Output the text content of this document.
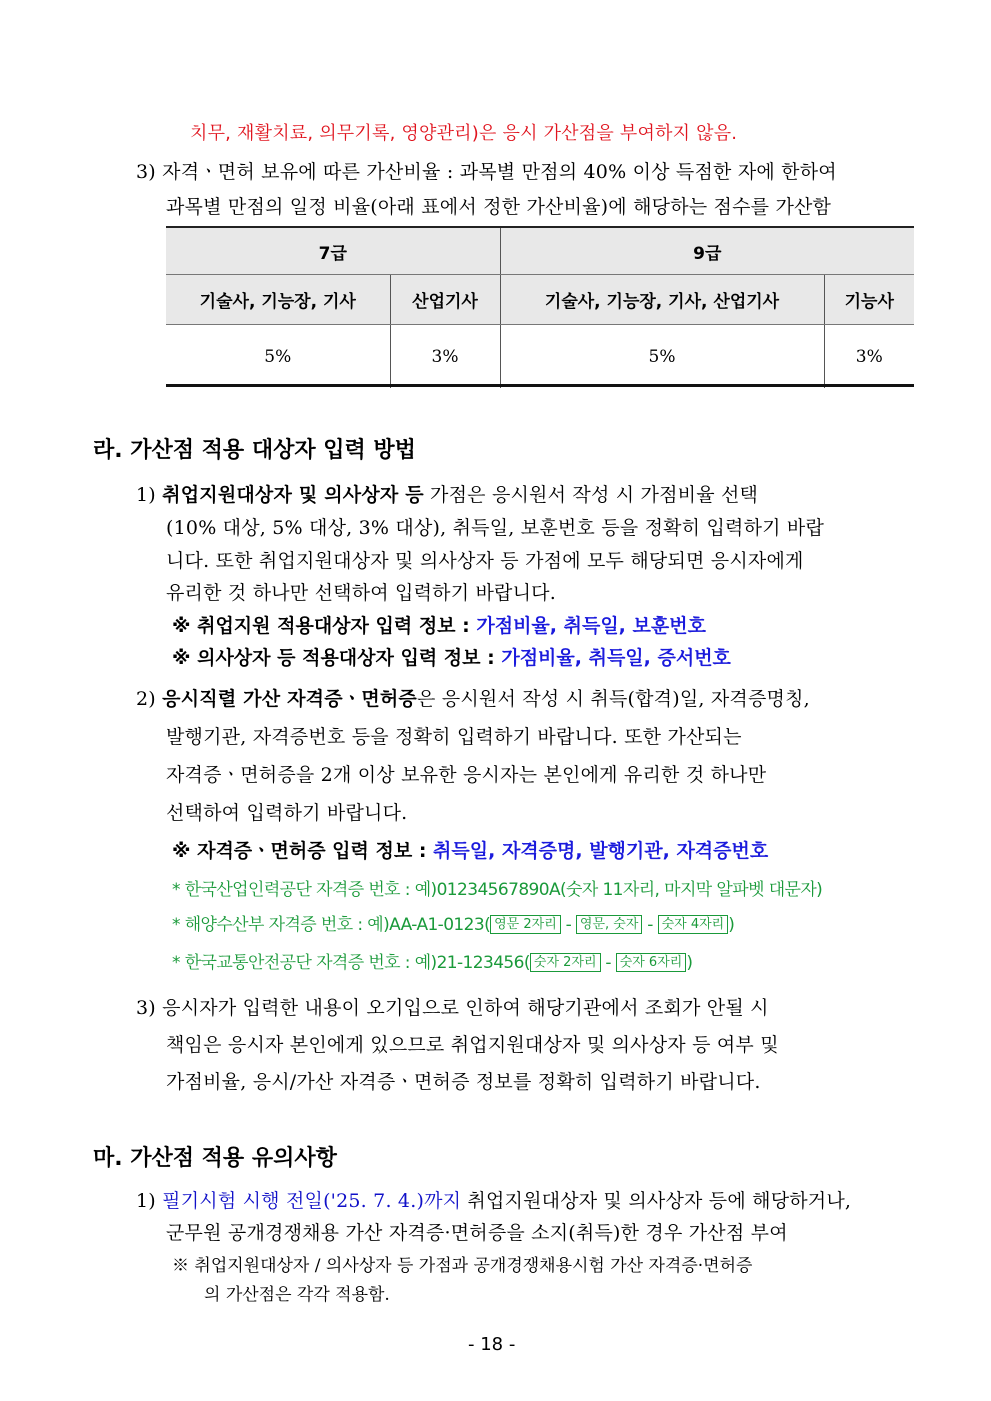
치무, 재활치료, 의무기록, 영양관리)은 응시 가산점을 부여하지 않음.
3) 자격ㆍ면허 보유에 따른 가산비율 : 과목별 만점의 40% 이상 득점한 자에 한하여
과목별 만점의 일정 비율(아래 표에서 정한 가산비율)에 해당하는 점수를 가산함
7급		9급	
기술사, 기능장, 기사	산업기사	기술사, 기능장, 기사, 산업기사	기능사
5%	3%	5%	3%
라. 가산점 적용 대상자 입력 방법
1) 취업지원대상자 및 의사상자 등 가점은 응시원서 작성 시 가점비율 선택
(10% 대상, 5% 대상, 3% 대상), 취득일, 보훈번호 등을 정확히 입력하기 바랍
니다. 또한 취업지원대상자 및 의사상자 등 가점에 모두 해당되면 응시자에게
유리한 것 하나만 선택하여 입력하기 바랍니다.
※ 취업지원 적용대상자 입력 정보 : 가점비율, 취득일, 보훈번호
※ 의사상자 등 적용대상자 입력 정보 : 가점비율, 취득일, 증서번호
2) 응시직렬 가산 자격증ㆍ면허증은 응시원서 작성 시 취득(합격)일, 자격증명칭,
발행기관, 자격증번호 등을 정확히 입력하기 바랍니다. 또한 가산되는
자격증ㆍ면허증을 2개 이상 보유한 응시자는 본인에게 유리한 것 하나만
선택하여 입력하기 바랍니다.
※ 자격증ㆍ면허증 입력 정보 : 취득일, 자격증명, 발행기관, 자격증번호
* 한국산업인력공단 자격증 번호 : 예)01234567890A(숫자 11자리, 마지막 알파벳 대문자)
* 해양수산부 자격증 번호 : 예)AA-A1-0123( 영문 2자리 - 영문, 숫자 - 숫자 4자리 )
* 한국교통안전공단 자격증 번호 : 예)21-123456( 숫자 2자리 - 숫자 6자리 )
3) 응시자가 입력한 내용이 오기입으로 인하여 해당기관에서 조회가 안될 시
책임은 응시자 본인에게 있으므로 취업지원대상자 및 의사상자 등 여부 및
가점비율, 응시/가산 자격증ㆍ면허증 정보를 정확히 입력하기 바랍니다.
마. 가산점 적용 유의사항
1) 필기시험 시행 전일('25. 7. 4.)까지 취업지원대상자 및 의사상자 등에 해당하거나,
군무원 공개경쟁채용 가산 자격증·면허증을 소지(취득)한 경우 가산점 부여
※ 취업지원대상자 / 의사상자 등 가점과 공개경쟁채용시험 가산 자격증·면허증
의 가산점은 각각 적용함.
- 18 -
